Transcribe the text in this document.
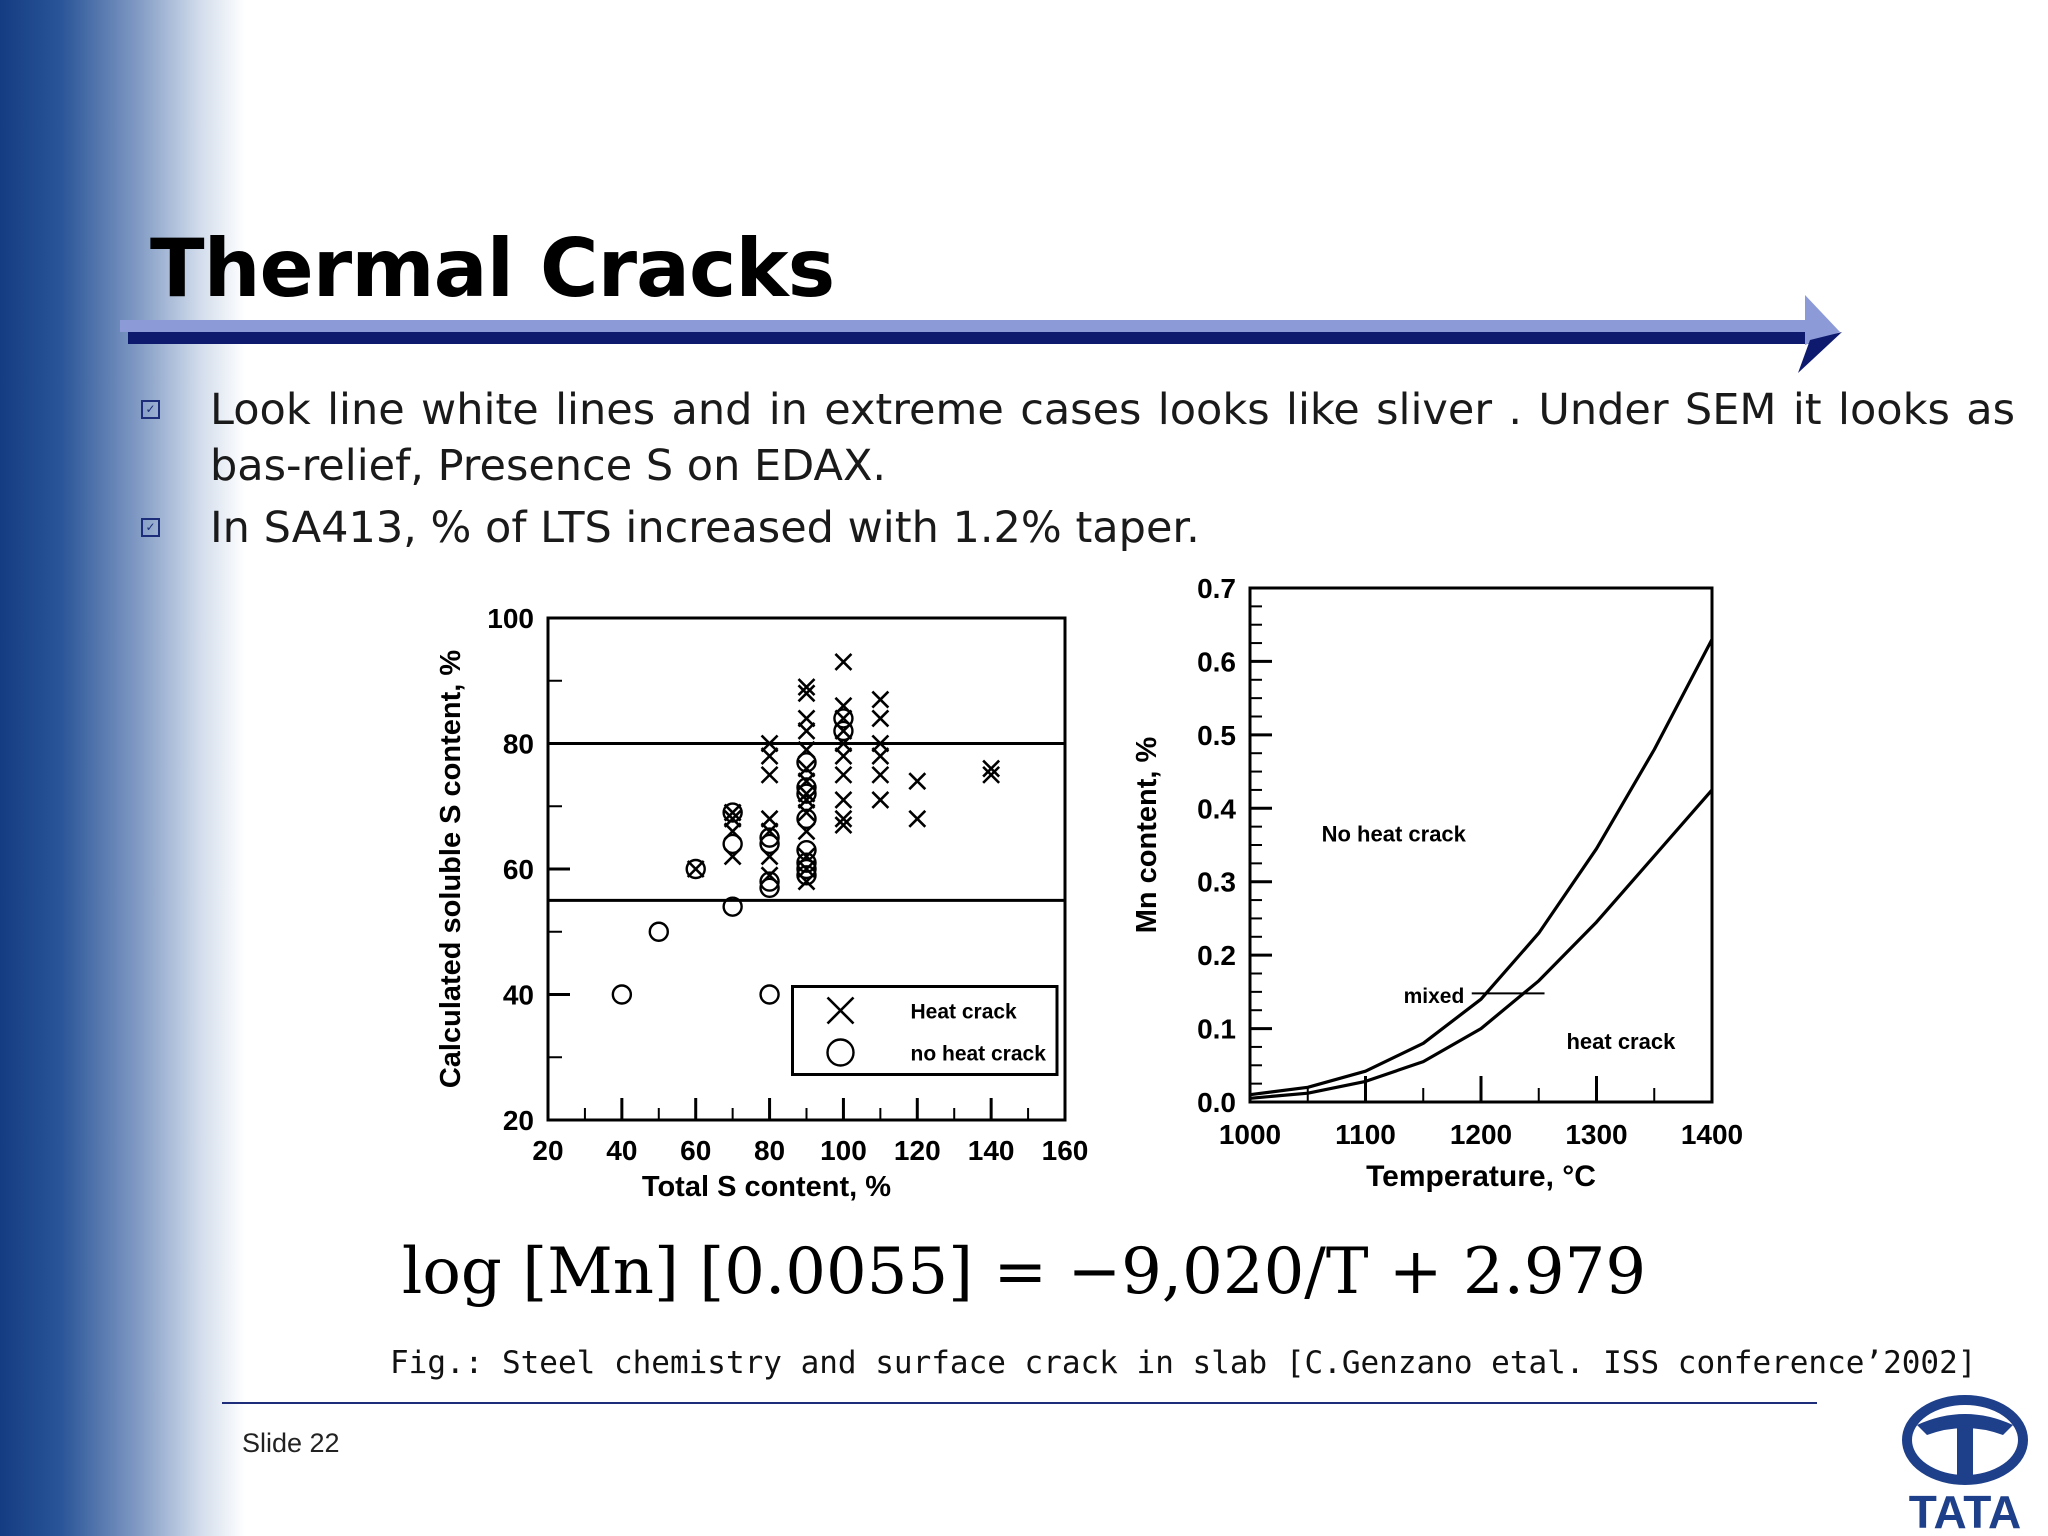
Thermal Cracks
✓ Look line white lines and in extreme cases looks like sliver . Under SEM it looks as bas-relief, Presence S on EDAX.
✓ In SA413, % of LTS increased with 1.2% taper.
20 40 60 80 100 120 140 160
20
40
60
80
100
Total S content, %
Calculated soluble S content, %	Heat crack
no heat crack
0.0
0.1
0.2
0.3
0.4
0.5
0.6
0.7
1000 1100 1200 1300 1400
Temperature, °C
Mn content, %	No heat crack
mixed
heat crack
log [Mn] [0.0055] = −9,020/T + 2.979
Fig.: Steel chemistry and surface crack in slab [C.Genzano etal. ISS conference’2002]
Slide 22
TATA
